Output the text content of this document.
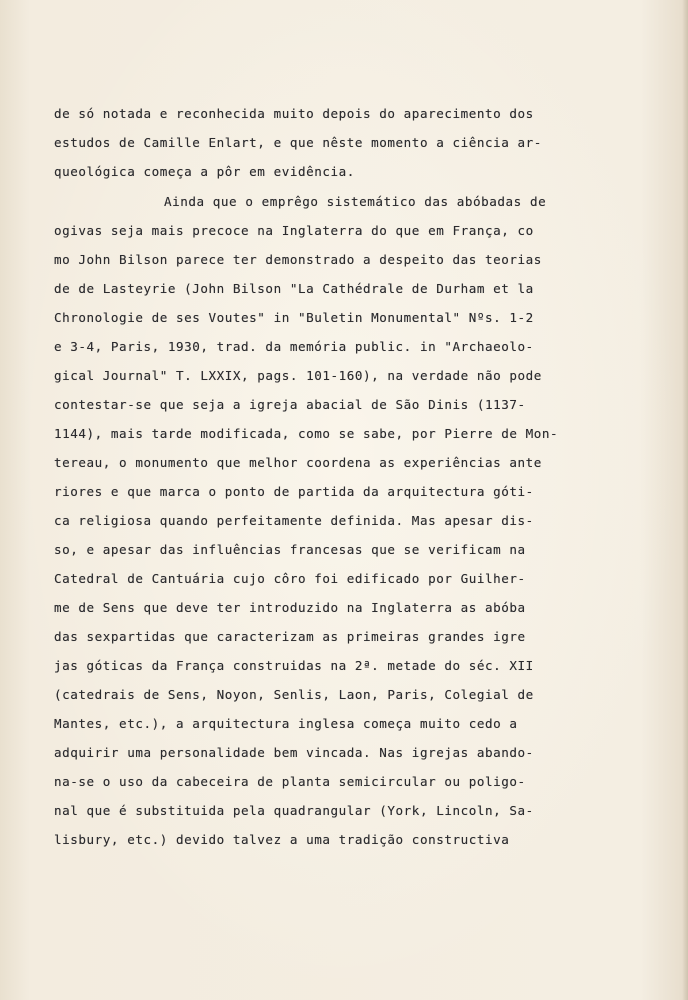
de só notada e reconhecida muito depois do aparecimento dos
estudos de Camille Enlart, e que nêste momento a ciência ar-
queológica começa a pôr em evidência.
Ainda que o emprêgo sistemático das abóbadas de
ogivas seja mais precoce na Inglaterra do que em França, co
mo John Bilson parece ter demonstrado a despeito das teorias
de de Lasteyrie (John Bilson "La Cathédrale de Durham et la
Chronologie de ses Voutes" in "Buletin Monumental" Nºs. 1-2
e 3-4, Paris, 1930, trad. da memória public. in "Archaeolo-
gical Journal" T. LXXIX, pags. 101-160), na verdade não pode
contestar-se que seja a igreja abacial de São Dinis (1137-
1144), mais tarde modificada, como se sabe, por Pierre de Mon-
tereau, o monumento que melhor coordena as experiências ante
riores e que marca o ponto de partida da arquitectura góti-
ca religiosa quando perfeitamente definida. Mas apesar dis-
so, e apesar das influências francesas que se verificam na
Catedral de Cantuária cujo côro foi edificado por Guilher-
me de Sens que deve ter introduzido na Inglaterra as abóba
das sexpartidas que caracterizam as primeiras grandes igre
jas góticas da França construidas na 2ª. metade do séc. XII
(catedrais de Sens, Noyon, Senlis, Laon, Paris, Colegial de
Mantes, etc.), a arquitectura inglesa começa muito cedo a
adquirir uma personalidade bem vincada. Nas igrejas abando-
na-se o uso da cabeceira de planta semicircular ou poligo-
nal que é substituida pela quadrangular (York, Lincoln, Sa-
lisbury, etc.) devido talvez a uma tradição constructiva
